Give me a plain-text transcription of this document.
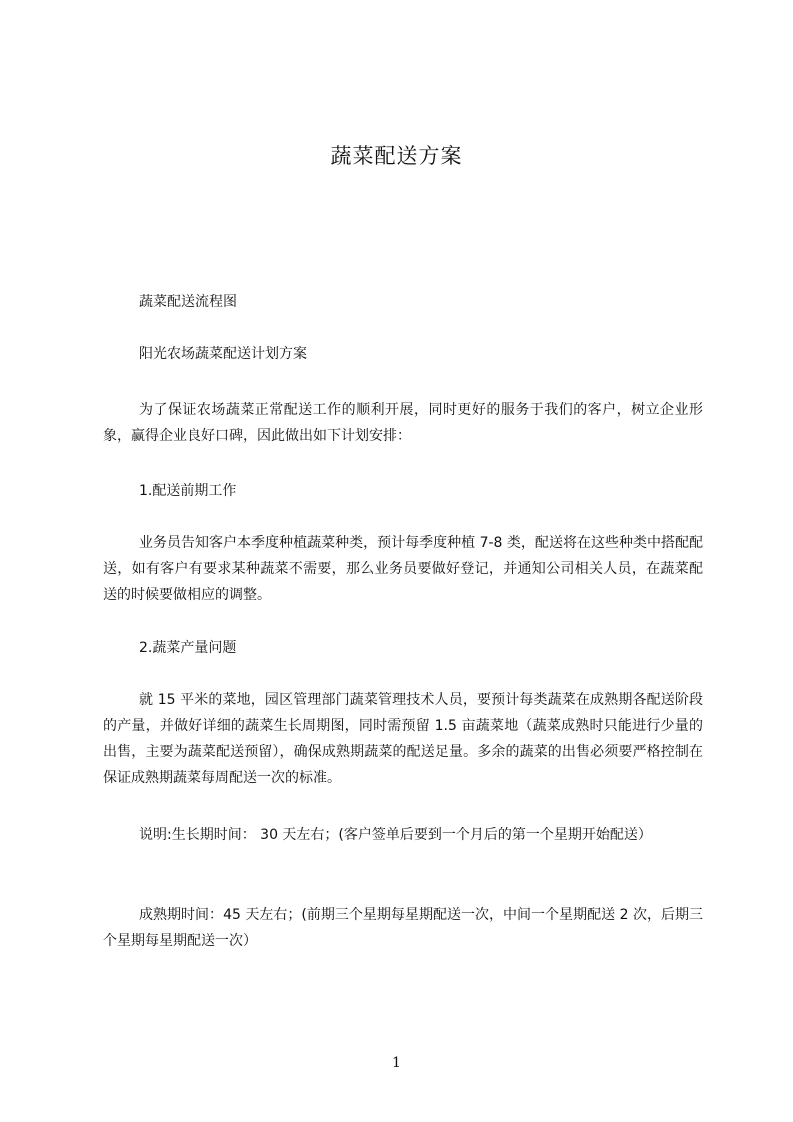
蔬菜配送方案

蔬菜配送流程图

阳光农场蔬菜配送计划方案

为了保证农场蔬菜正常配送工作的顺利开展，同时更好的服务于我们的客户，树立企业形象，赢得企业良好口碑，因此做出如下计划安排：

1.配送前期工作

业务员告知客户本季度种植蔬菜种类，预计每季度种植 7-8 类，配送将在这些种类中搭配配送，如有客户有要求某种蔬菜不需要，那么业务员要做好登记，并通知公司相关人员，在蔬菜配送的时候要做相应的调整。

2.蔬菜产量问题

就 15 平米的菜地，园区管理部门蔬菜管理技术人员，要预计每类蔬菜在成熟期各配送阶段的产量，并做好详细的蔬菜生长周期图，同时需预留 1.5 亩蔬菜地（蔬菜成熟时只能进行少量的出售，主要为蔬菜配送预留），确保成熟期蔬菜的配送足量。多余的蔬菜的出售必须要严格控制在保证成熟期蔬菜每周配送一次的标准。

说明:生长期时间： 30 天左右；(客户签单后要到一个月后的第一个星期开始配送）

成熟期时间：45 天左右；(前期三个星期每星期配送一次，中间一个星期配送 2 次，后期三个星期每星期配送一次）

1
